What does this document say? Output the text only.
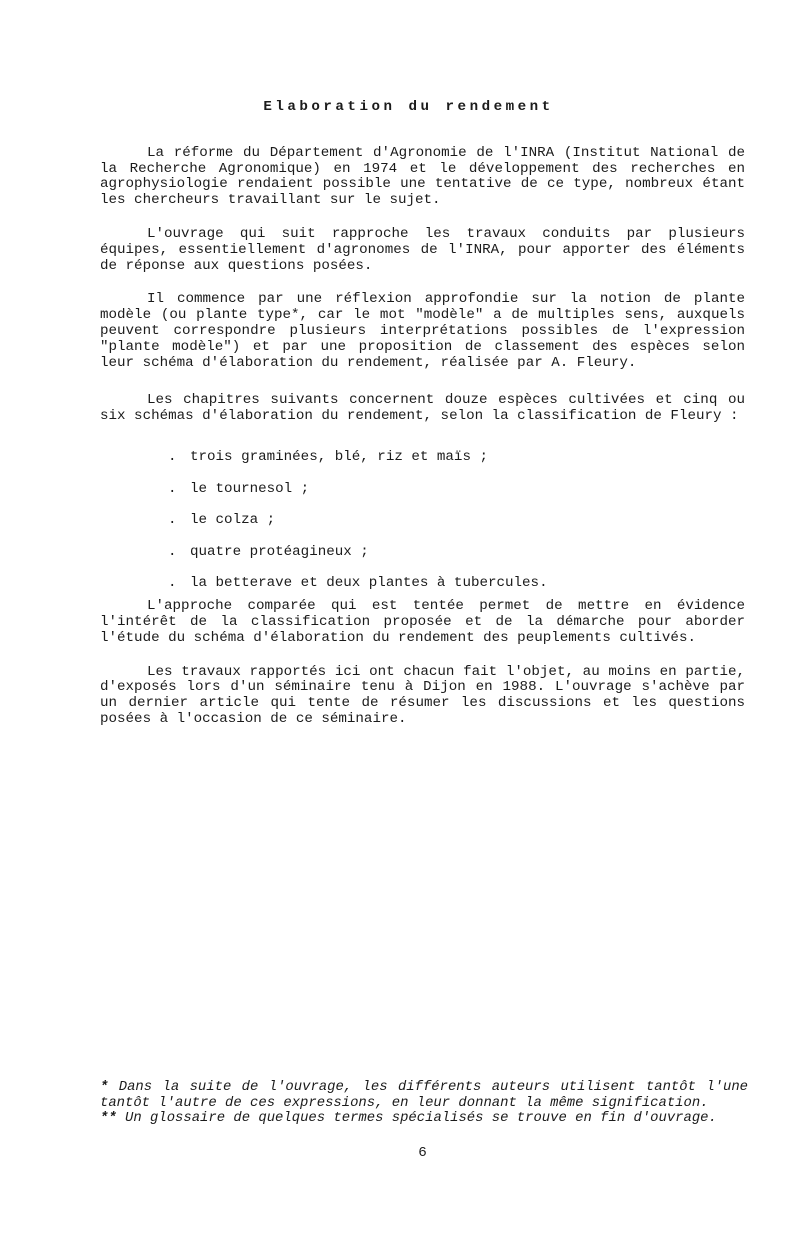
Elaboration du rendement

La réforme du Département d'Agronomie de l'INRA (Institut National de la Recherche Agronomique) en 1974 et le développement des recherches en agrophysiologie rendaient possible une tentative de ce type, nombreux étant les chercheurs travaillant sur le sujet.

L'ouvrage qui suit rapproche les travaux conduits par plusieurs équipes, essentiellement d'agronomes de l'INRA, pour apporter des éléments de réponse aux questions posées.

Il commence par une réflexion approfondie sur la notion de plante modèle (ou plante type*, car le mot "modèle" a de multiples sens, auxquels peuvent correspondre plusieurs interprétations possibles de l'expression "plante modèle") et par une proposition de classement des espèces selon leur schéma d'élaboration du rendement, réalisée par A. Fleury.

Les chapitres suivants concernent douze espèces cultivées et cinq ou six schémas d'élaboration du rendement, selon la classification de Fleury :

. trois graminées, blé, riz et maïs ;
. le tournesol ;
. le colza ;
. quatre protéagineux ;
. la betterave et deux plantes à tubercules.

L'approche comparée qui est tentée permet de mettre en évidence l'intérêt de la classification proposée et de la démarche pour aborder l'étude du schéma d'élaboration du rendement des peuplements cultivés.

Les travaux rapportés ici ont chacun fait l'objet, au moins en partie, d'exposés lors d'un séminaire tenu à Dijon en 1988. L'ouvrage s'achève par un dernier article qui tente de résumer les discussions et les questions posées à l'occasion de ce séminaire.

* Dans la suite de l'ouvrage, les différents auteurs utilisent tantôt l'une tantôt l'autre de ces expressions, en leur donnant la même signification.

** Un glossaire de quelques termes spécialisés se trouve en fin d'ouvrage.

6
